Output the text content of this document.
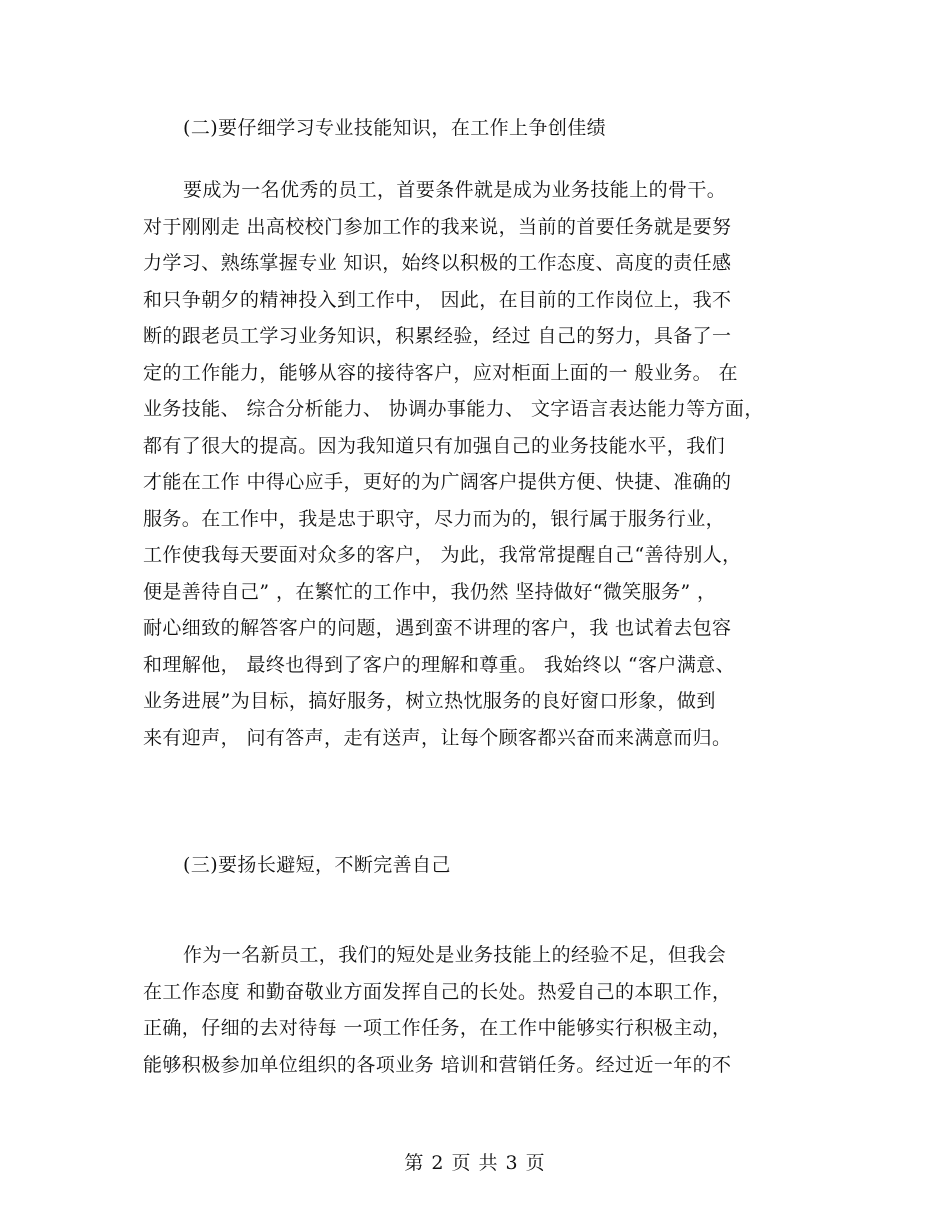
(二)要仔细学习专业技能知识，在工作上争创佳绩

要成为一名优秀的员工，首要条件就是成为业务技能上的骨干。
对于刚刚走 出高校校门参加工作的我来说，当前的首要任务就是要努
力学习、熟练掌握专业 知识，始终以积极的工作态度、高度的责任感
和只争朝夕的精神投入到工作中， 因此，在目前的工作岗位上，我不
断的跟老员工学习业务知识，积累经验，经过 自己的努力，具备了一
定的工作能力，能够从容的接待客户，应对柜面上面的一 般业务。 在
业务技能、 综合分析能力、 协调办事能力、 文字语言表达能力等方面，
都有了很大的提高。因为我知道只有加强自己的业务技能水平，我们
才能在工作 中得心应手，更好的为广阔客户提供方便、快捷、准确的
服务。在工作中，我是忠于职守，尽力而为的，银行属于服务行业，
工作使我每天要面对众多的客户， 为此，我常常提醒自己“善待别人，
便是善待自己” ，在繁忙的工作中，我仍然 坚持做好“微笑服务” ，
耐心细致的解答客户的问题，遇到蛮不讲理的客户，我 也试着去包容
和理解他， 最终也得到了客户的理解和尊重。 我始终以 “客户满意、
业务进展”为目标，搞好服务，树立热忱服务的良好窗口形象，做到
来有迎声， 问有答声，走有送声，让每个顾客都兴奋而来满意而归。

(三)要扬长避短，不断完善自己

作为一名新员工，我们的短处是业务技能上的经验不足，但我会
在工作态度 和勤奋敬业方面发挥自己的长处。热爱自己的本职工作，
正确，仔细的去对待每 一项工作任务，在工作中能够实行积极主动，
能够积极参加单位组织的各项业务 培训和营销任务。经过近一年的不
第 2 页 共 3 页
